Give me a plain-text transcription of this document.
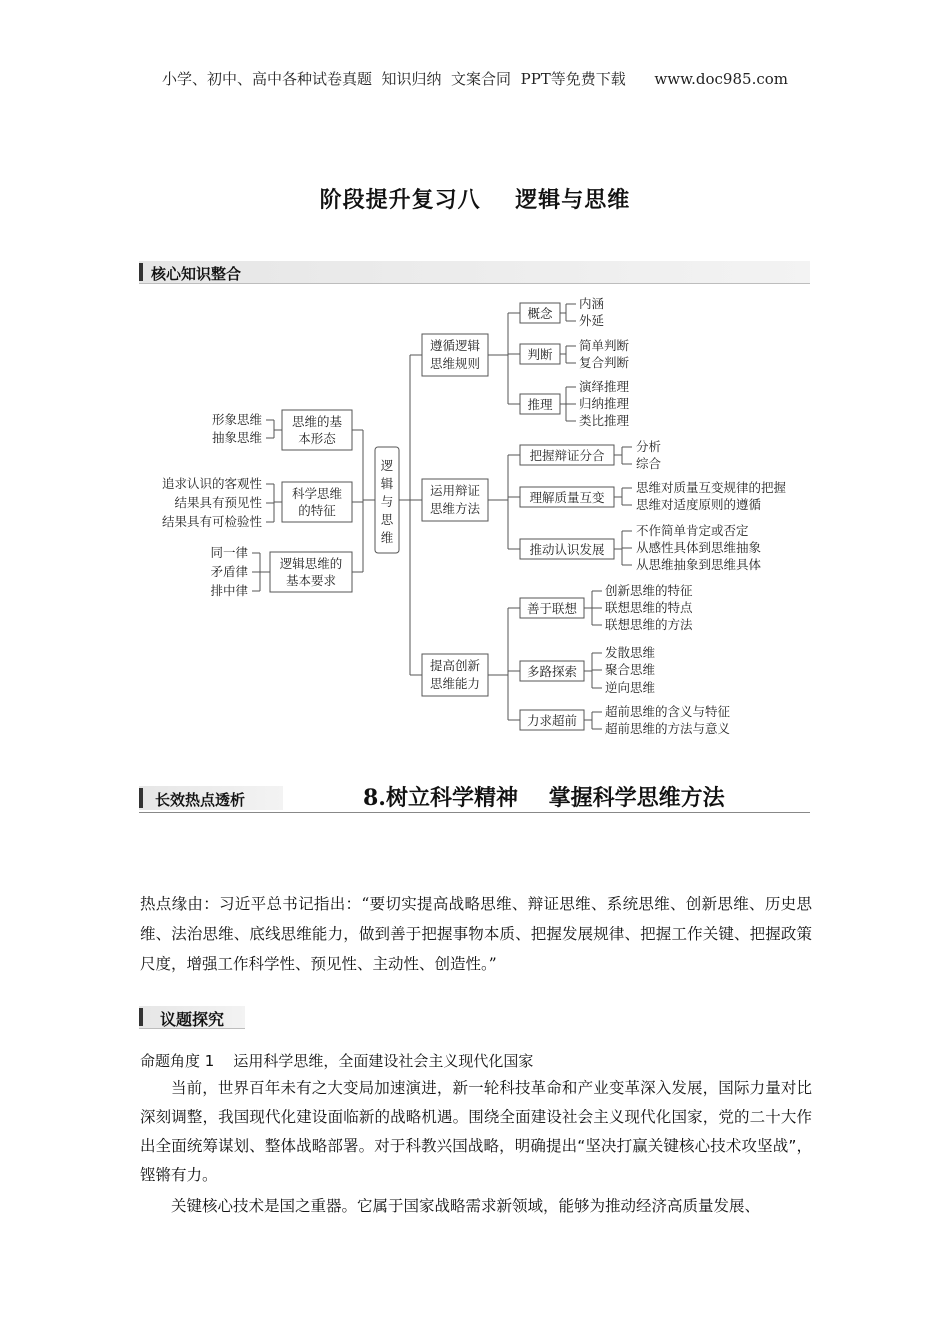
小学、初中、高中各种试卷真题  知识归纳  文案合同  PPT等免费下载      www.doc985.com
阶段提升复习八    逻辑与思维
核心知识整合
逻
辑
与
思
维
思维的基
本形态
科学思维
的特征
逻辑思维的
基本要求
形象思维
抽象思维
追求认识的客观性
结果具有预见性
结果具有可检验性
同一律
矛盾律
排中律
遵循逻辑
思维规则
运用辩证
思维方法
提高创新
思维能力
概念
判断
推理
内涵
外延
简单判断
复合判断
演绎推理
归纳推理
类比推理
把握辩证分合
理解质量互变
推动认识发展
分析
综合
思维对质量互变规律的把握
思维对适度原则的遵循
不作简单肯定或否定
从感性具体到思维抽象
从思维抽象到思维具体
善于联想
多路探索
力求超前
创新思维的特征
联想思维的特点
联想思维的方法
发散思维
聚合思维
逆向思维
超前思维的含义与特征
超前思维的方法与意义
长效热点透析	8.树立科学精神    掌握科学思维方法
热点缘由：习近平总书记指出：“要切实提高战略思维、辩证思维、系统思维、创新思维、历史思维、法治思维、底线思维能力，做到善于把握事物本质、把握发展规律、把握工作关键、把握政策尺度，增强工作科学性、预见性、主动性、创造性。”
议题探究
命题角度 1    运用科学思维，全面建设社会主义现代化国家
当前，世界百年未有之大变局加速演进，新一轮科技革命和产业变革深入发展，国际力量对比深刻调整，我国现代化建设面临新的战略机遇。围绕全面建设社会主义现代化国家，党的二十大作出全面统筹谋划、整体战略部署。对于科教兴国战略，明确提出“坚决打赢关键核心技术攻坚战”，铿锵有力。
关键核心技术是国之重器。它属于国家战略需求新领域，能够为推动经济高质量发展、
